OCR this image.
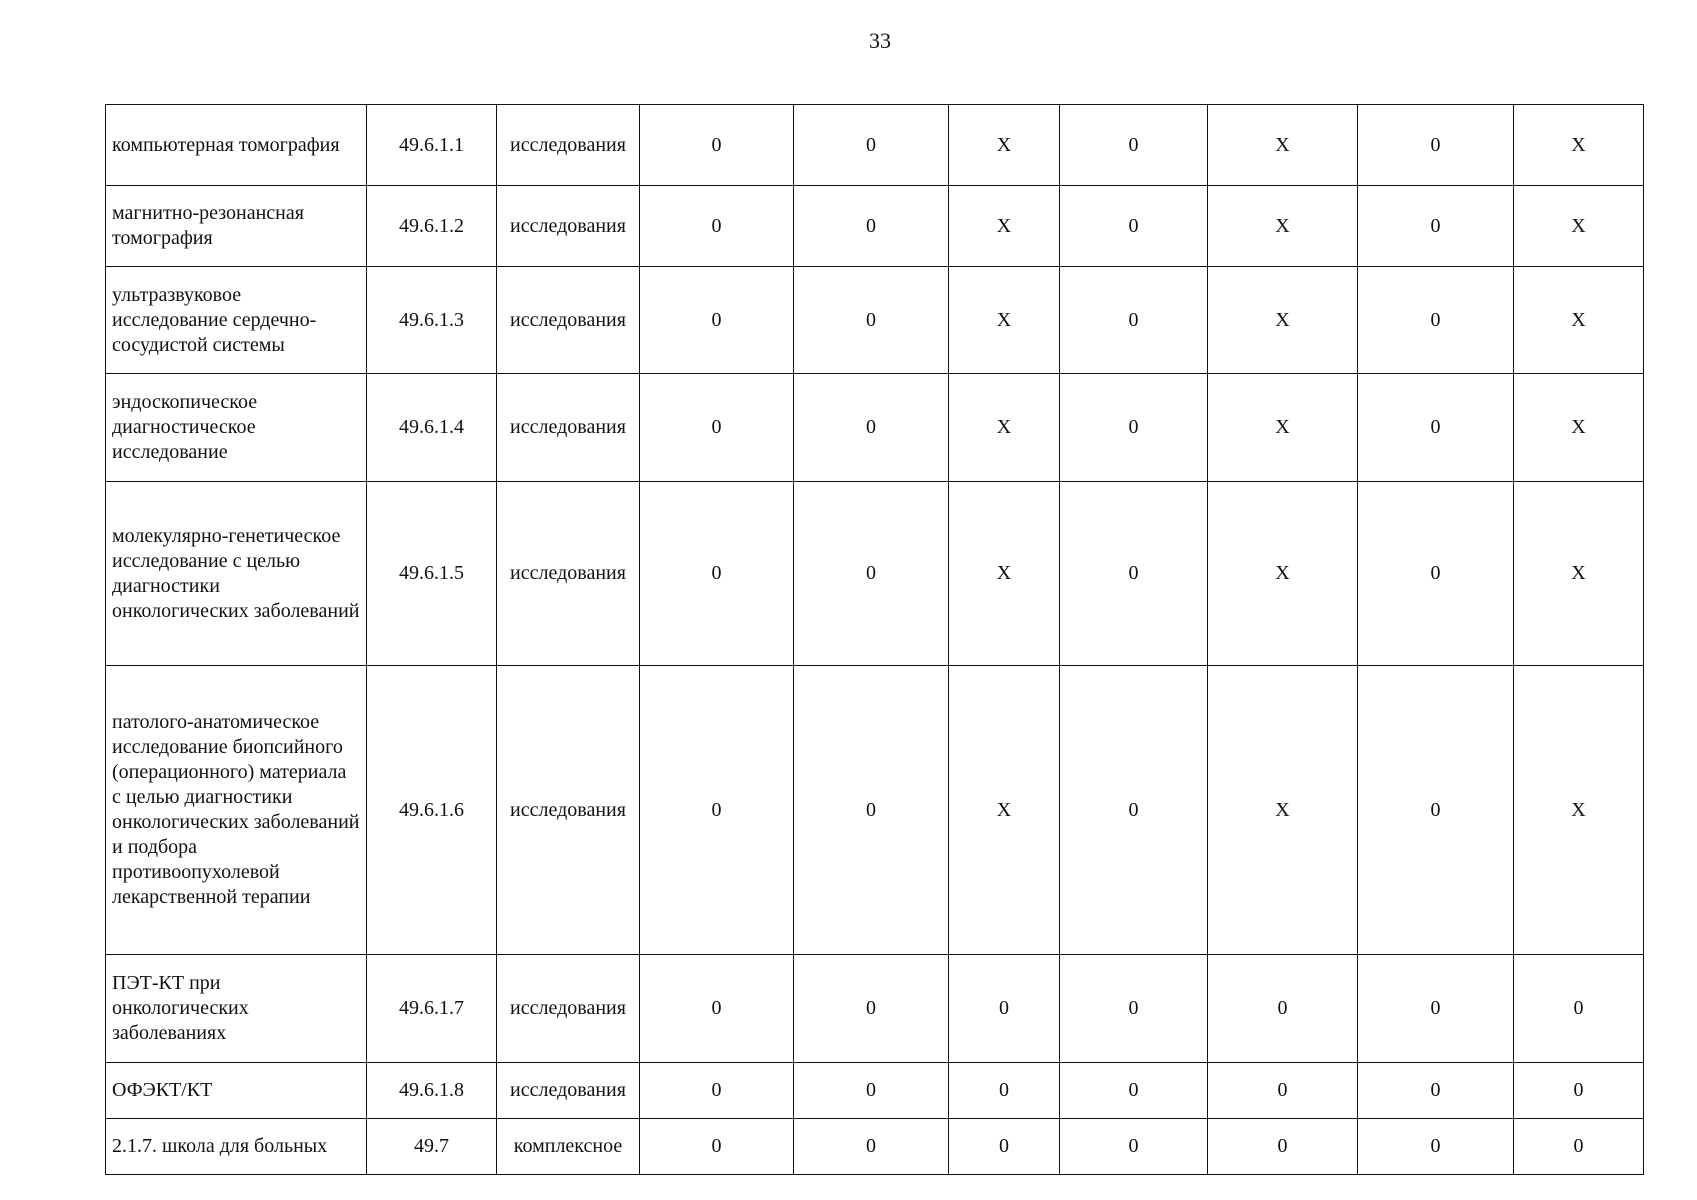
33
компьютерная томография	49.6.1.1	исследования	0	0	X	0	X	0	X
магнитно-резонансная томография	49.6.1.2	исследования	0	0	X	0	X	0	X
ультразвуковое исследование сердечно-сосудистой системы	49.6.1.3	исследования	0	0	X	0	X	0	X
эндоскопическое диагностическое исследование	49.6.1.4	исследования	0	0	X	0	X	0	X
молекулярно-генетическое исследование с целью диагностики онкологических заболеваний	49.6.1.5	исследования	0	0	X	0	X	0	X
патолого-анатомическое исследование биопсийного (операционного) материала с целью диагностики онкологических заболеваний и подбора противоопухолевой лекарственной терапии	49.6.1.6	исследования	0	0	X	0	X	0	X
ПЭТ-КТ при онкологических заболеваниях	49.6.1.7	исследования	0	0	0	0	0	0	0
ОФЭКТ/КТ	49.6.1.8	исследования	0	0	0	0	0	0	0
2.1.7. школа для больных	49.7	комплексное	0	0	0	0	0	0	0
